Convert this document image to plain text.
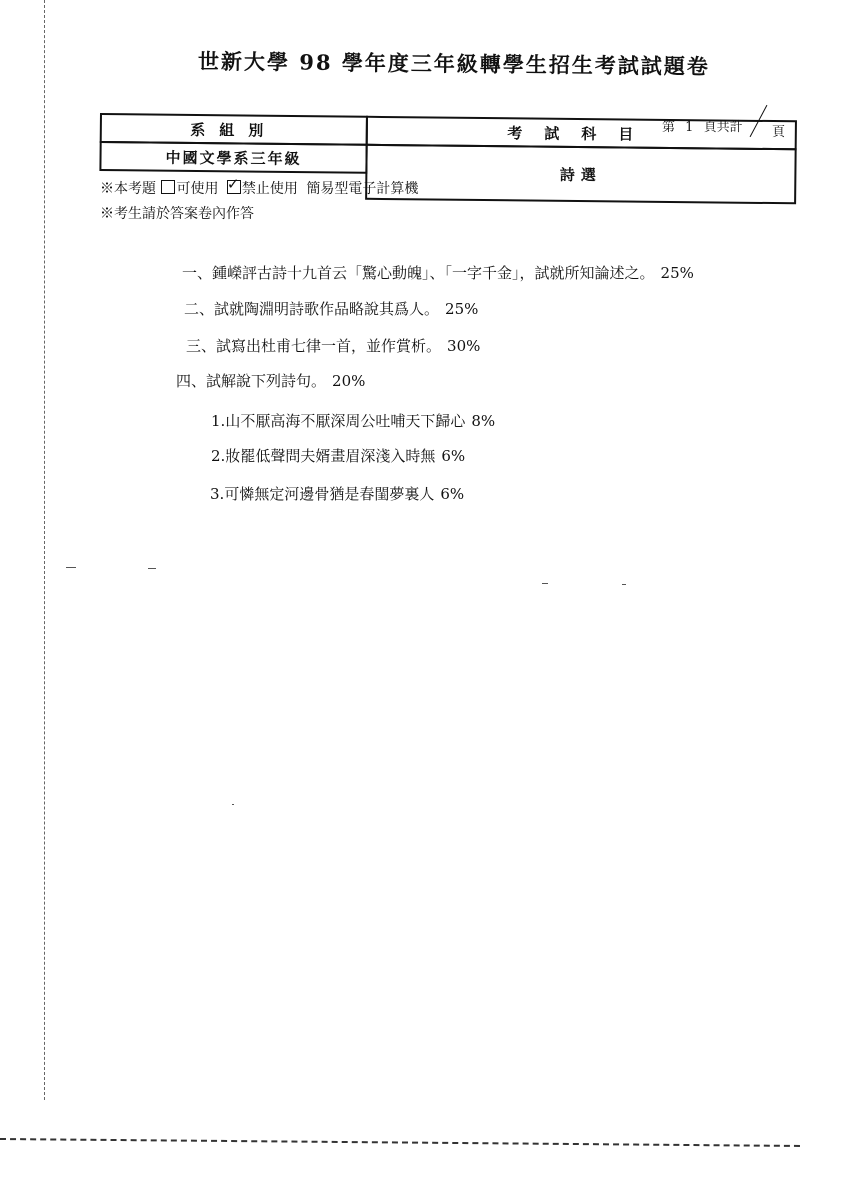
世新大學 98 學年度三年級轉學生招生考試試題卷
第 1 頁共計 頁
系組別	考試科目
中國文學系三年級
詩選
※本考題 可使用 ✓ 禁止使用 簡易型電子計算機
※考生請於答案卷內作答
一、鍾嶸評古詩十九首云「驚心動魄」、「一字千金」，試就所知論述之。 25%
二、試就陶淵明詩歌作品略說其爲人。 25%
三、試寫出杜甫七律一首，並作賞析。 30%
四、試解說下列詩句。 20%
1.山不厭高海不厭深周公吐哺天下歸心 8%
2.妝罷低聲問夫婿畫眉深淺入時無 6%
3.可憐無定河邊骨猶是春閨夢裏人 6%
